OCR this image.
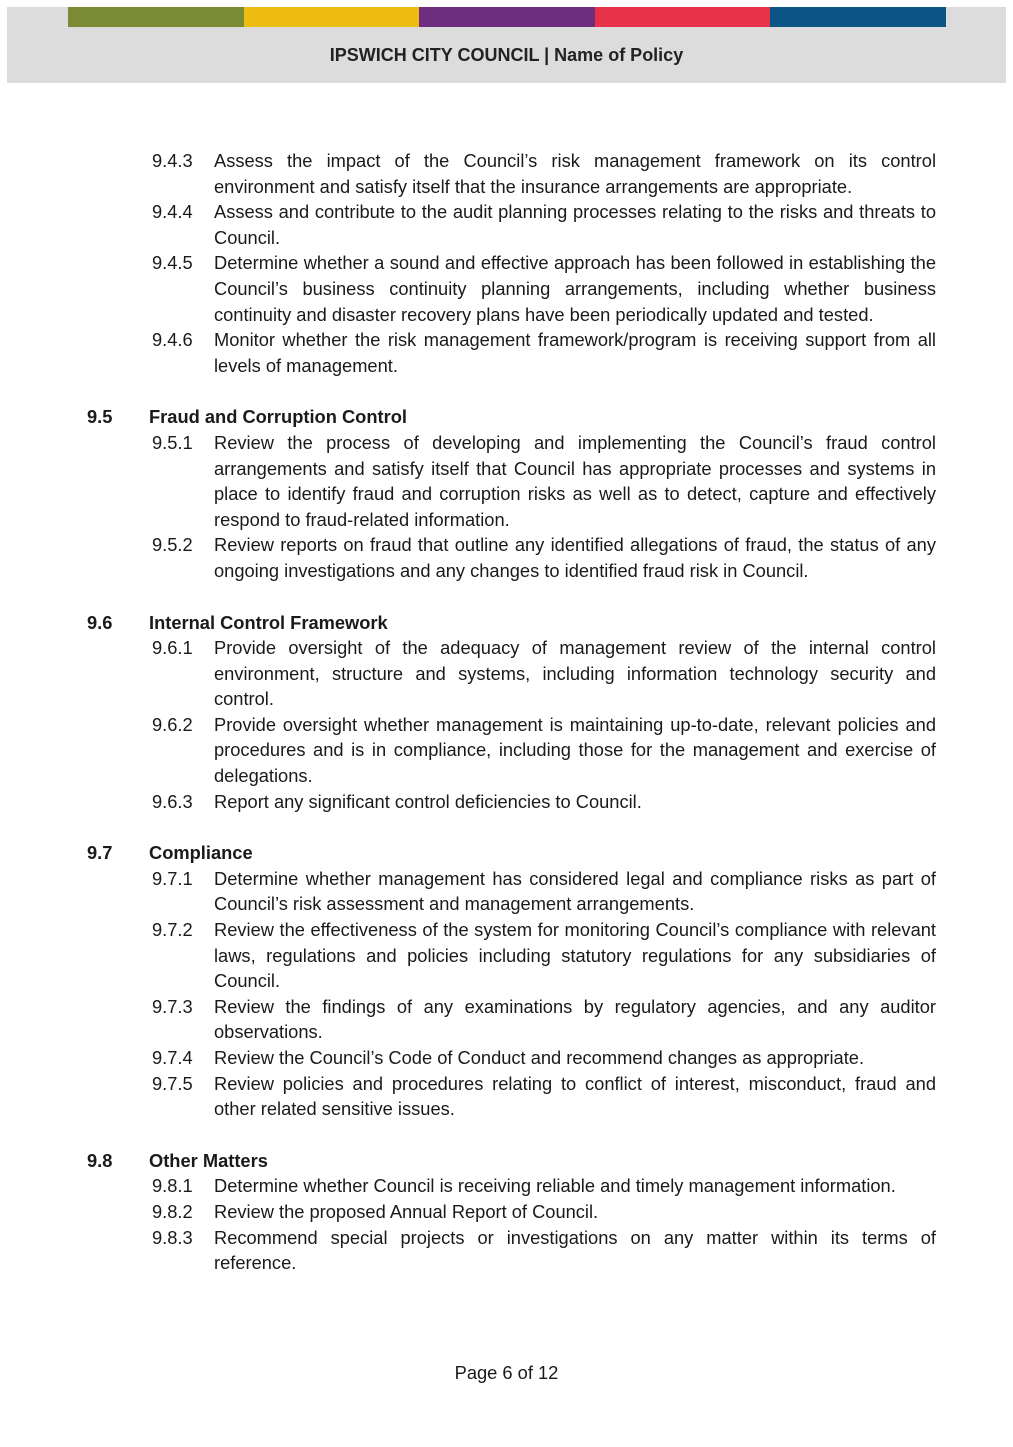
IPSWICH CITY COUNCIL | Name of Policy
9.4.3	Assess the impact of the Council’s risk management framework on its control environment and satisfy itself that the insurance arrangements are appropriate.
9.4.4	Assess and contribute to the audit planning processes relating to the risks and threats to Council.
9.4.5	Determine whether a sound and effective approach has been followed in establishing the Council’s business continuity planning arrangements, including whether business continuity and disaster recovery plans have been periodically updated and tested.
9.4.6	Monitor whether the risk management framework/program is receiving support from all levels of management.
9.5	Fraud and Corruption Control
9.5.1	Review the process of developing and implementing the Council’s fraud control arrangements and satisfy itself that Council has appropriate processes and systems in place to identify fraud and corruption risks as well as to detect, capture and effectively respond to fraud-related information.
9.5.2	Review reports on fraud that outline any identified allegations of fraud, the status of any ongoing investigations and any changes to identified fraud risk in Council.
9.6	Internal Control Framework
9.6.1	Provide oversight of the adequacy of management review of the internal control environment, structure and systems, including information technology security and control.
9.6.2	Provide oversight whether management is maintaining up-to-date, relevant policies and procedures and is in compliance, including those for the management and exercise of delegations.
9.6.3	Report any significant control deficiencies to Council.
9.7	Compliance
9.7.1	Determine whether management has considered legal and compliance risks as part of Council’s risk assessment and management arrangements.
9.7.2	Review the effectiveness of the system for monitoring Council’s compliance with relevant laws, regulations and policies including statutory regulations for any subsidiaries of Council.
9.7.3	Review the findings of any examinations by regulatory agencies, and any auditor observations.
9.7.4	Review the Council’s Code of Conduct and recommend changes as appropriate.
9.7.5	Review policies and procedures relating to conflict of interest, misconduct, fraud and other related sensitive issues.
9.8	Other Matters
9.8.1	Determine whether Council is receiving reliable and timely management information.
9.8.2	Review the proposed Annual Report of Council.
9.8.3	Recommend special projects or investigations on any matter within its terms of reference.
Page 6 of 12
